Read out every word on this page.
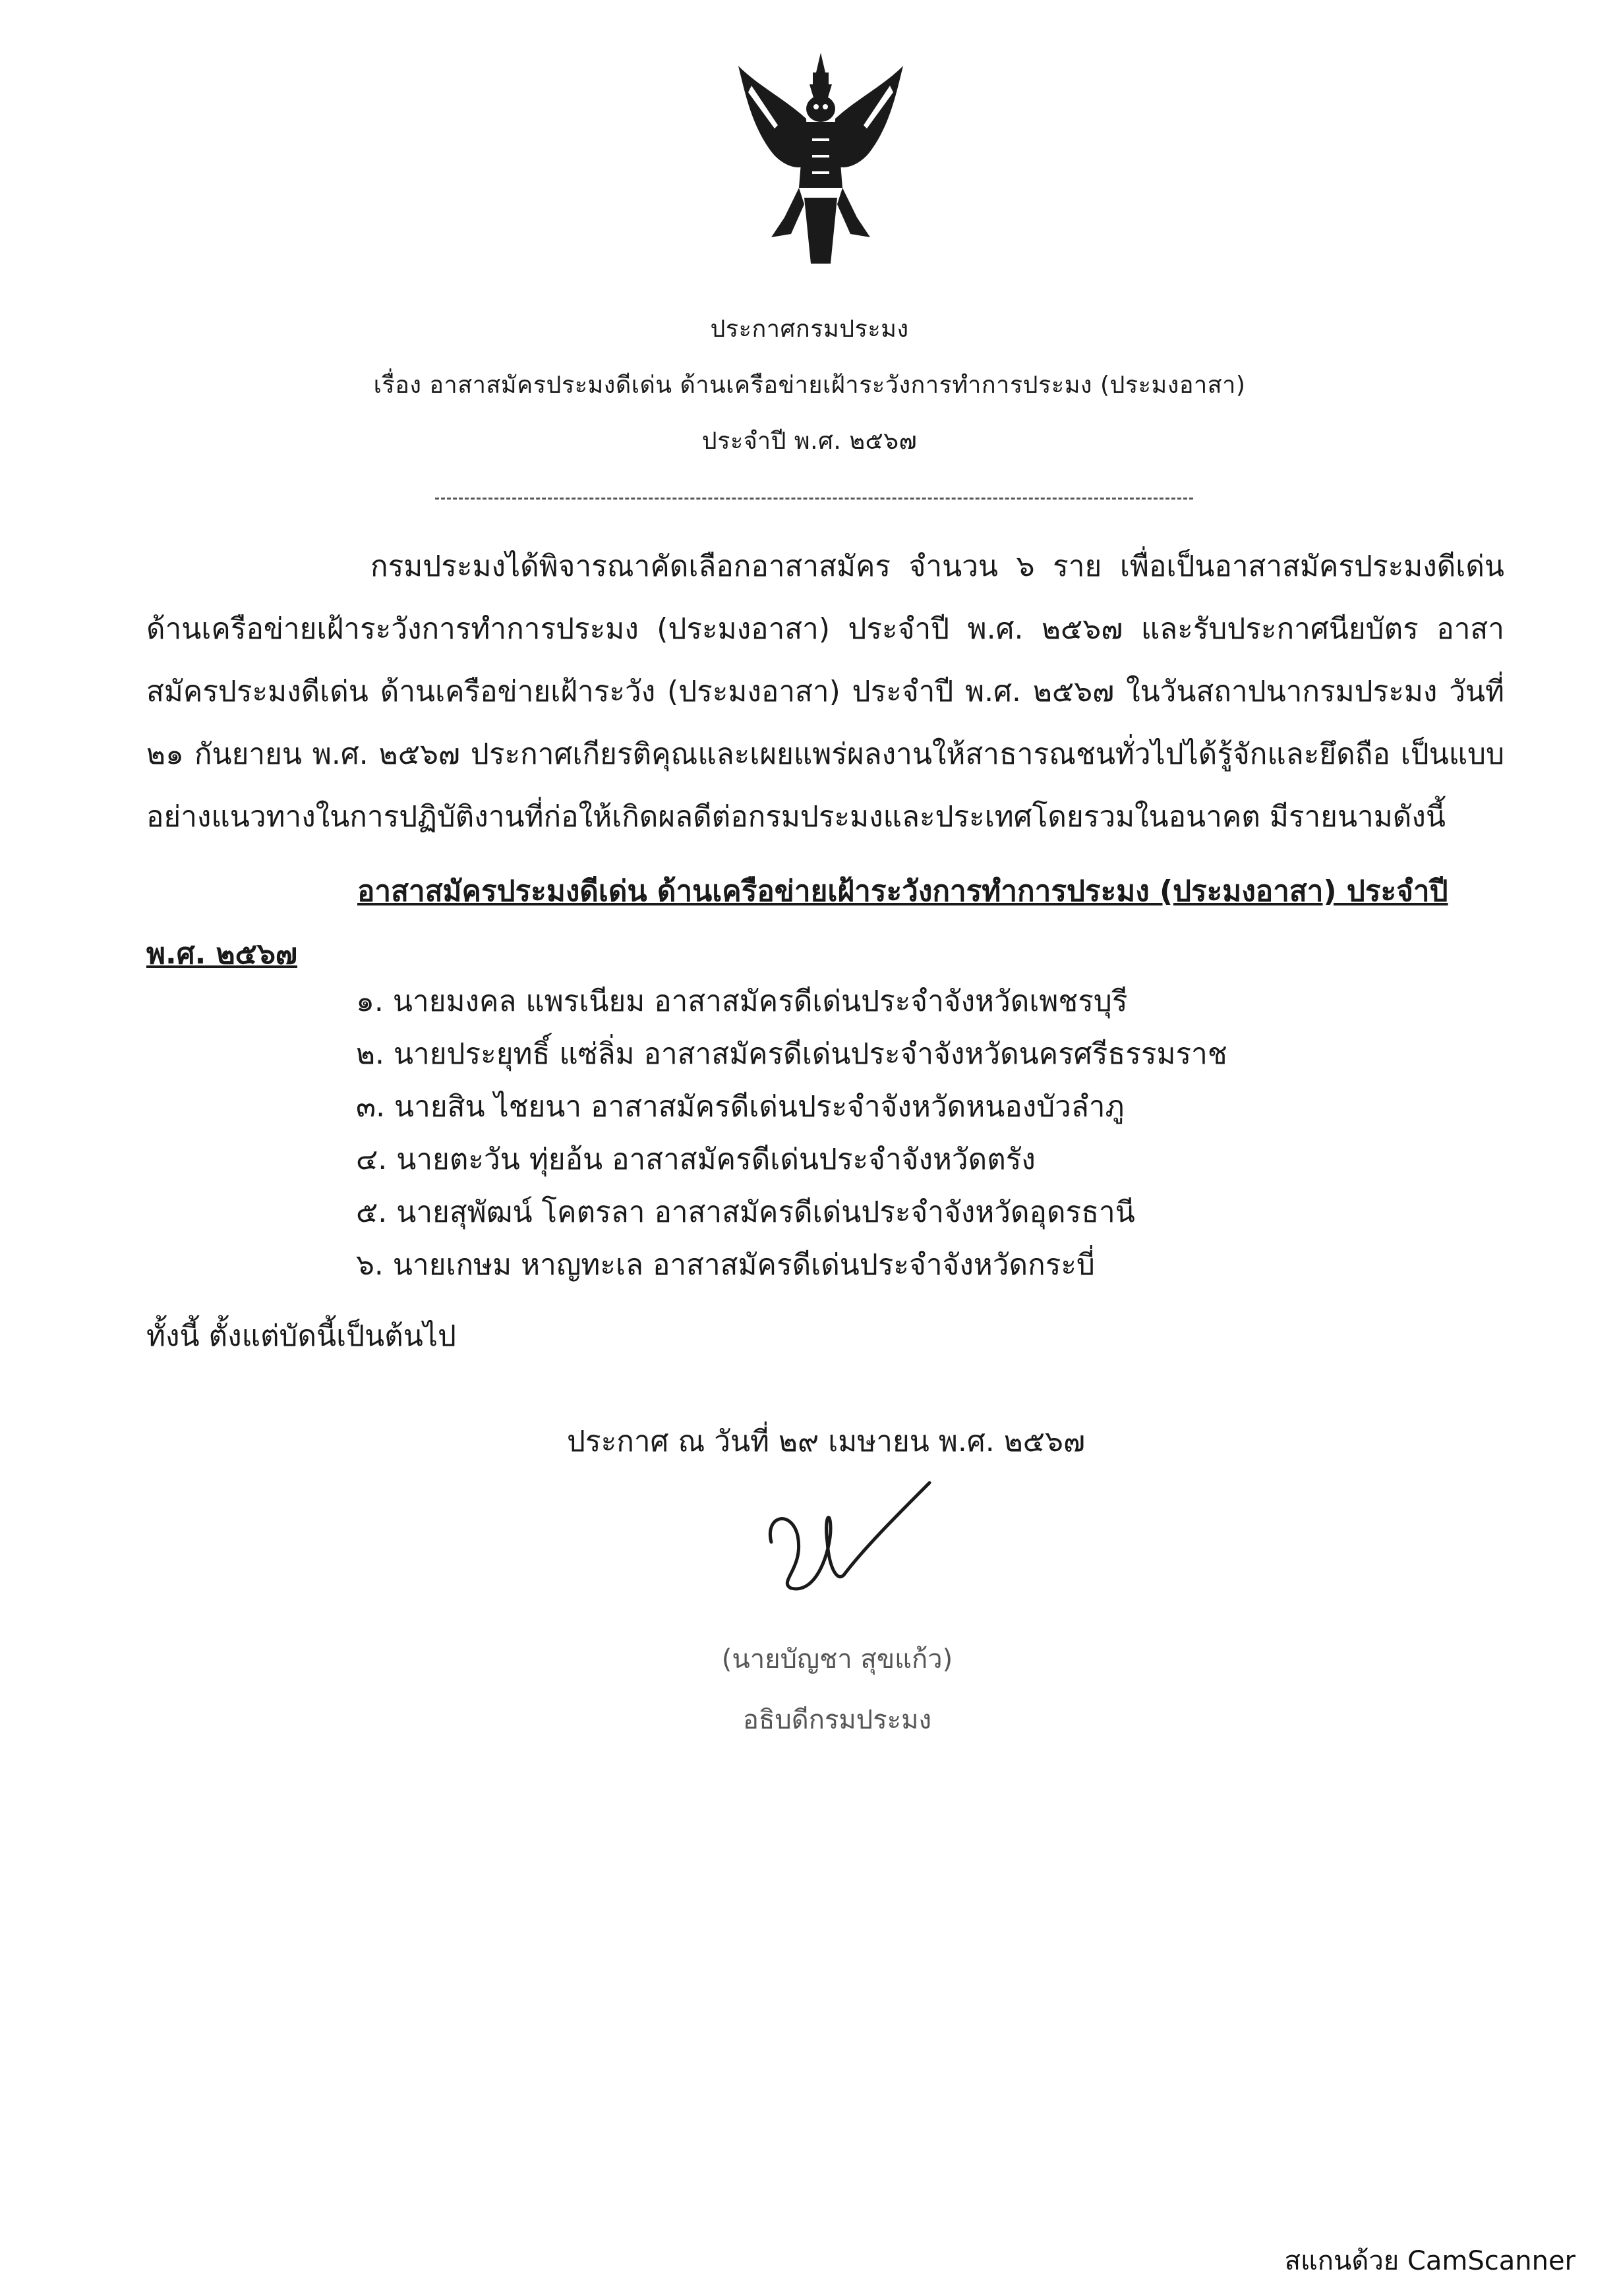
ประกาศกรมประมง
เรื่อง อาสาสมัครประมงดีเด่น ด้านเครือข่ายเฝ้าระวังการทำการประมง (ประมงอาสา)
ประจำปี พ.ศ. ๒๕๖๗
กรมประมงได้พิจารณาคัดเลือกอาสาสมัคร จำนวน ๖ ราย เพื่อเป็นอาสาสมัครประมงดีเด่น ด้านเครือข่ายเฝ้าระวังการทำการประมง (ประมงอาสา) ประจำปี พ.ศ. ๒๕๖๗ และรับประกาศนียบัตร อาสาสมัครประมงดีเด่น ด้านเครือข่ายเฝ้าระวัง (ประมงอาสา) ประจำปี พ.ศ. ๒๕๖๗ ในวันสถาปนากรมประมง วันที่ ๒๑ กันยายน พ.ศ. ๒๕๖๗ ประกาศเกียรติคุณและเผยแพร่ผลงานให้สาธารณชนทั่วไปได้รู้จักและยึดถือ เป็นแบบอย่างแนวทางในการปฏิบัติงานที่ก่อให้เกิดผลดีต่อกรมประมงและประเทศโดยรวมในอนาคต มีรายนามดังนี้
อาสาสมัครประมงดีเด่น ด้านเครือข่ายเฝ้าระวังการทำการประมง (ประมงอาสา) ประจำปี พ.ศ. ๒๕๖๗
๑. นายมงคล แพรเนียม อาสาสมัครดีเด่นประจำจังหวัดเพชรบุรี
๒. นายประยุทธิ์ แซ่ลิ่ม อาสาสมัครดีเด่นประจำจังหวัดนครศรีธรรมราช
๓. นายสิน ไชยนา อาสาสมัครดีเด่นประจำจังหวัดหนองบัวลำภู
๔. นายตะวัน ทุ่ยอ้น อาสาสมัครดีเด่นประจำจังหวัดตรัง
๕. นายสุพัฒน์ โคตรลา อาสาสมัครดีเด่นประจำจังหวัดอุดรธานี
๖. นายเกษม หาญทะเล อาสาสมัครดีเด่นประจำจังหวัดกระบี่
ทั้งนี้ ตั้งแต่บัดนี้เป็นต้นไป
ประกาศ ณ วันที่ ๒๙ เมษายน พ.ศ. ๒๕๖๗
(นายบัญชา สุขแก้ว)
อธิบดีกรมประมง
สแกนด้วย CamScanner
